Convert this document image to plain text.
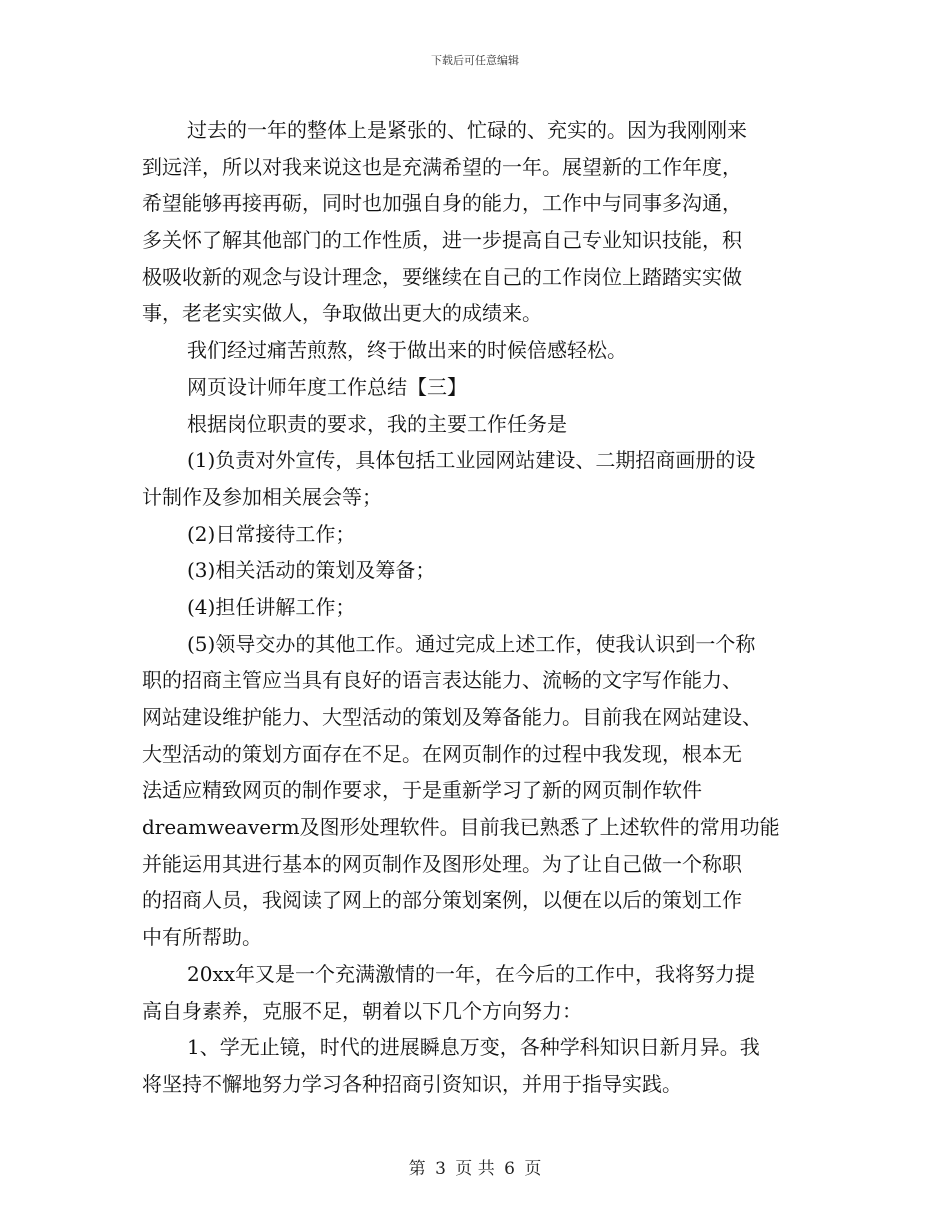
下载后可任意编辑
过去的一年的整体上是紧张的、忙碌的、充实的。因为我刚刚来
到远洋，所以对我来说这也是充满希望的一年。展望新的工作年度，
希望能够再接再砺，同时也加强自身的能力，工作中与同事多沟通，
多关怀了解其他部门的工作性质，进一步提高自己专业知识技能，积
极吸收新的观念与设计理念，要继续在自己的工作岗位上踏踏实实做
事，老老实实做人，争取做出更大的成绩来。
我们经过痛苦煎熬，终于做出来的时候倍感轻松。
网页设计师年度工作总结【三】
根据岗位职责的要求，我的主要工作任务是
(1)负责对外宣传，具体包括工业园网站建设、二期招商画册的设
计制作及参加相关展会等；
(2)日常接待工作；
(3)相关活动的策划及筹备；
(4)担任讲解工作；
(5)领导交办的其他工作。通过完成上述工作，使我认识到一个称
职的招商主管应当具有良好的语言表达能力、流畅的文字写作能力、
网站建设维护能力、大型活动的策划及筹备能力。目前我在网站建设、
大型活动的策划方面存在不足。在网页制作的过程中我发现，根本无
法适应精致网页的制作要求，于是重新学习了新的网页制作软件
dreamweaverm及图形处理软件。目前我已熟悉了上述软件的常用功能
并能运用其进行基本的网页制作及图形处理。为了让自己做一个称职
的招商人员，我阅读了网上的部分策划案例，以便在以后的策划工作
中有所帮助。
20xx年又是一个充满激情的一年，在今后的工作中，我将努力提
高自身素养，克服不足，朝着以下几个方向努力：
1、学无止镜，时代的进展瞬息万变，各种学科知识日新月异。我
将坚持不懈地努力学习各种招商引资知识，并用于指导实践。
第 3 页 共 6 页
